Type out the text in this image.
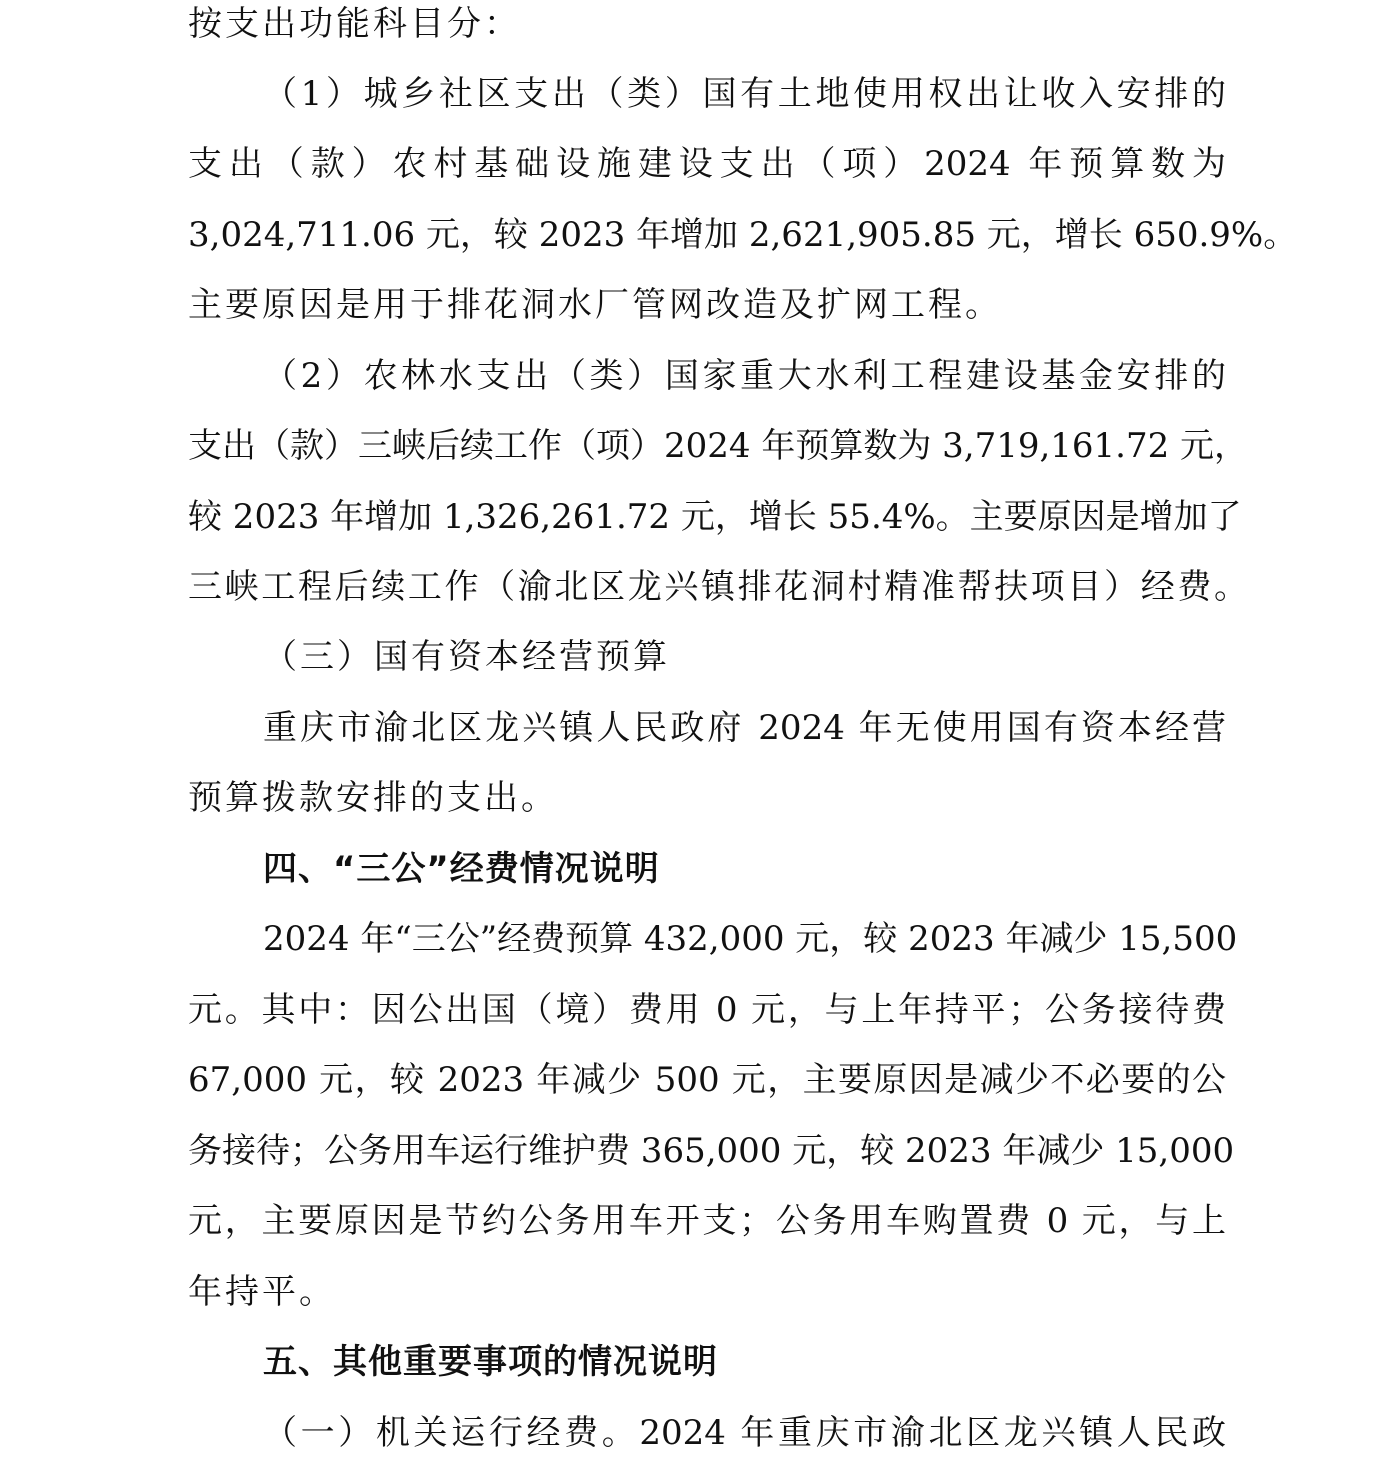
按支出功能科目分：
（1）城乡社区支出（类）国有土地使用权出让收入安排的
支出（款）农村基础设施建设支出（项）2024 年预算数为
3,024,711.06 元，较 2023 年增加 2,621,905.85 元，增长 650.9%。
主要原因是用于排花洞水厂管网改造及扩网工程。
（2）农林水支出（类）国家重大水利工程建设基金安排的
支出（款）三峡后续工作（项）2024 年预算数为 3,719,161.72 元，
较 2023 年增加 1,326,261.72 元，增长 55.4%。主要原因是增加了
三峡工程后续工作（渝北区龙兴镇排花洞村精准帮扶项目）经费。
（三）国有资本经营预算
重庆市渝北区龙兴镇人民政府 2024 年无使用国有资本经营
预算拨款安排的支出。
四、“三公”经费情况说明
2024 年“三公”经费预算 432,000 元，较 2023 年减少 15,500
元。其中：因公出国（境）费用 0 元，与上年持平；公务接待费
67,000 元，较 2023 年减少 500 元，主要原因是减少不必要的公
务接待；公务用车运行维护费 365,000 元，较 2023 年减少 15,000
元，主要原因是节约公务用车开支；公务用车购置费 0 元，与上
年持平。
五、其他重要事项的情况说明
（一）机关运行经费。2024 年重庆市渝北区龙兴镇人民政
